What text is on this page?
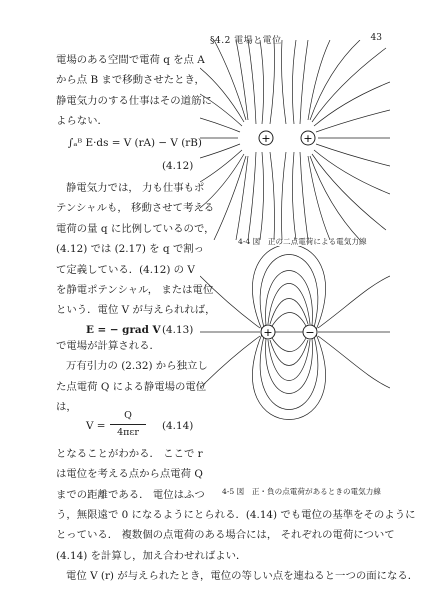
§4.2 電場と電位	43
電場のある空間で電荷 q を点 A
から点 B まで移動させたとき，
静電気力のする仕事はその道筋に
よらない．
∫ₐᴮ E·ds = V (rA) − V (rB)
(4.12)
静電気力では， 力も仕事もポ
テンシャルも， 移動させて考える
電荷の量 q に比例しているので，
(4.12) では (2.17) を q で割っ
て定義している．(4.12) の V
を静電ポテンシャル， または電位
という．電位 V が与えられれば，
E = − grad V (4.13)
で電場が計算される．
万有引力の (2.32) から独立し
た点電荷 Q による静電場の電位
は，
V =
Q
4πεr
(4.14)
となることがわかる． ここで r
は電位を考える点から点電荷 Q
までの距離である． 電位はふつ
う，無限遠で 0 になるようにとられる．(4.14) でも電位の基準をそのように
とっている． 複数個の点電荷のある場合には， それぞれの電荷について
(4.14) を計算し，加え合わせればよい．
電位 V (r) が与えられたとき，電位の等しい点を連ねると一つの面になる．
+	+
4-4 図　正の二点電荷による電気力線
+	−
4-5 図　正・負の点電荷があるときの電気力線
